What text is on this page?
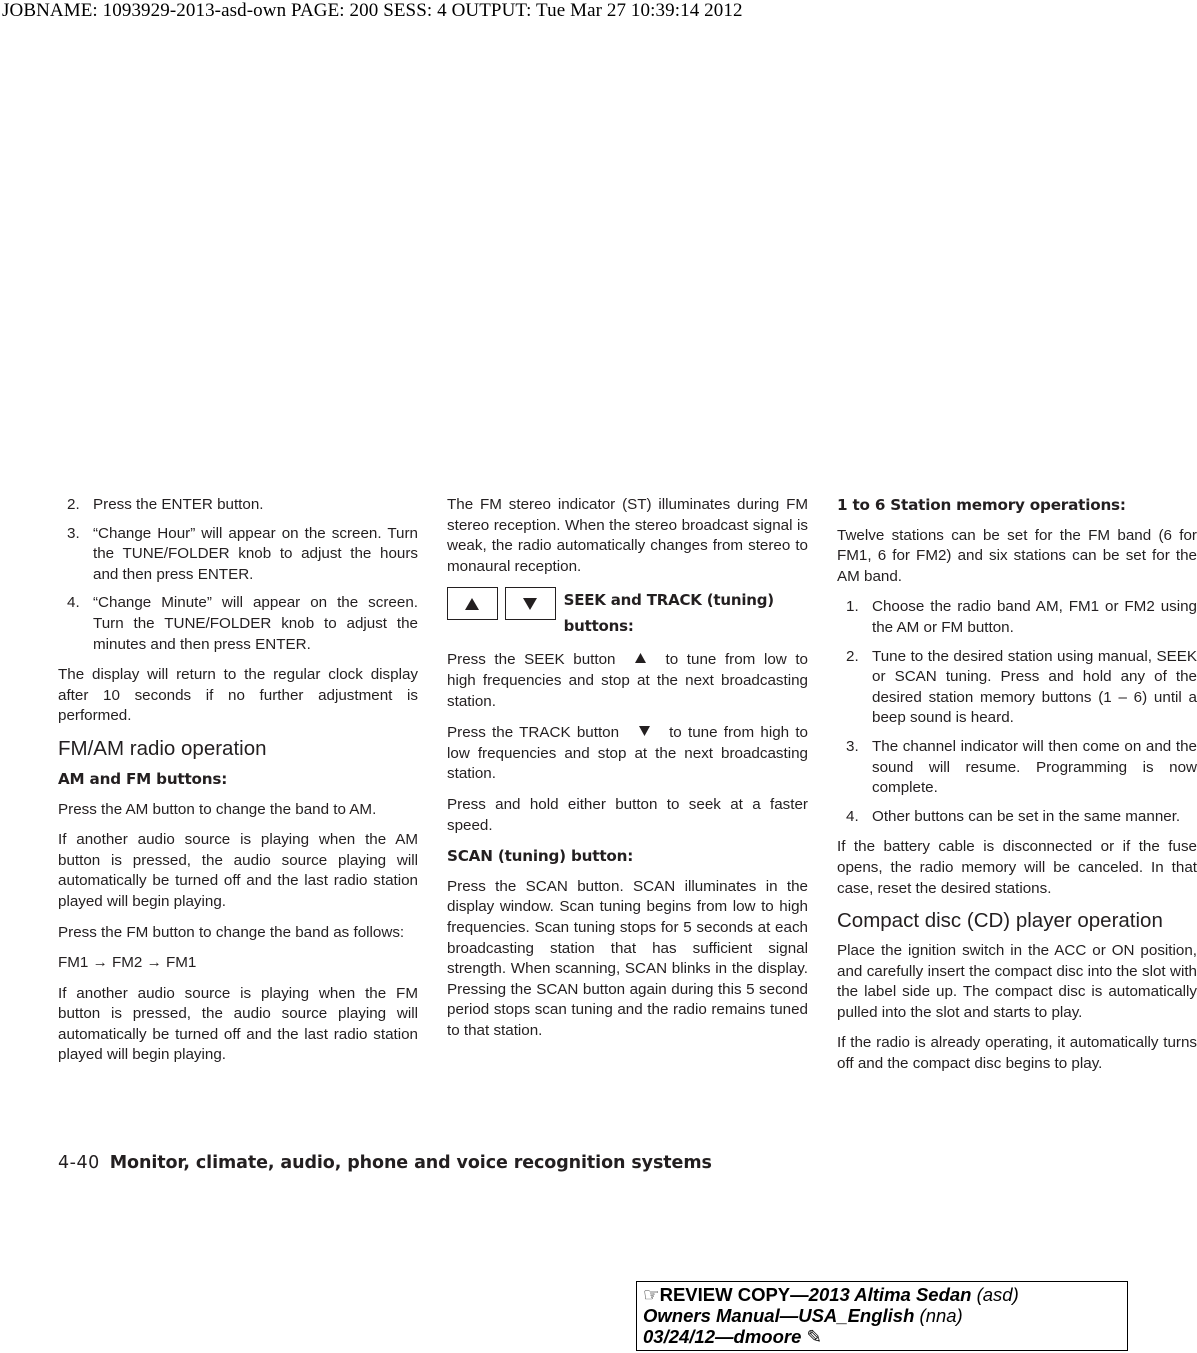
JOBNAME: 1093929-2013-asd-own PAGE: 200 SESS: 4 OUTPUT: Tue Mar 27 10:39:14 2012
2. Press the ENTER button.
3. “Change Hour” will appear on the screen. Turn the TUNE/FOLDER knob to adjust the hours and then press ENTER.
4. “Change Minute” will appear on the screen. Turn the TUNE/FOLDER knob to adjust the minutes and then press ENTER.

The display will return to the regular clock display after 10 seconds if no further adjustment is performed.

FM/AM radio operation
AM and FM buttons:

Press the AM button to change the band to AM.

If another audio source is playing when the AM button is pressed, the audio source playing will automatically be turned off and the last radio station played will begin playing.

Press the FM button to change the band as follows:

FM1 → FM2 → FM1

If another audio source is playing when the FM button is pressed, the audio source playing will automatically be turned off and the last radio station played will begin playing.

The FM stereo indicator (ST) illuminates during FM stereo reception. When the stereo broadcast signal is weak, the radio automatically changes from stereo to monaural reception.

SEEK and TRACK (tuning) buttons:

Press the SEEK button	to tune from low to high frequencies and stop at the next broadcasting station.

Press the TRACK button	to tune from high to low frequencies and stop at the next broadcasting station.

Press and hold either button to seek at a faster speed.

SCAN (tuning) button:

Press the SCAN button. SCAN illuminates in the display window. Scan tuning begins from low to high frequencies. Scan tuning stops for 5 seconds at each broadcasting station that has sufficient signal strength. When scanning, SCAN blinks in the display. Pressing the SCAN button again during this 5 second period stops scan tuning and the radio remains tuned to that station.

1 to 6 Station memory operations:

Twelve stations can be set for the FM band (6 for FM1, 6 for FM2) and six stations can be set for the AM band.

1. Choose the radio band AM, FM1 or FM2 using the AM or FM button.
2. Tune to the desired station using manual, SEEK or SCAN tuning. Press and hold any of the desired station memory buttons (1 – 6) until a beep sound is heard.
3. The channel indicator will then come on and the sound will resume. Programming is now complete.
4. Other buttons can be set in the same manner.

If the battery cable is disconnected or if the fuse opens, the radio memory will be canceled. In that case, reset the desired stations.

Compact disc (CD) player operation

Place the ignition switch in the ACC or ON position, and carefully insert the compact disc into the slot with the label side up. The compact disc is automatically pulled into the slot and starts to play.

If the radio is already operating, it automatically turns off and the compact disc begins to play.

4-40 Monitor, climate, audio, phone and voice recognition systems
☞REVIEW COPY—2013 Altima Sedan (asd)
Owners Manual—USA_English (nna)
03/24/12—dmoore ✎
